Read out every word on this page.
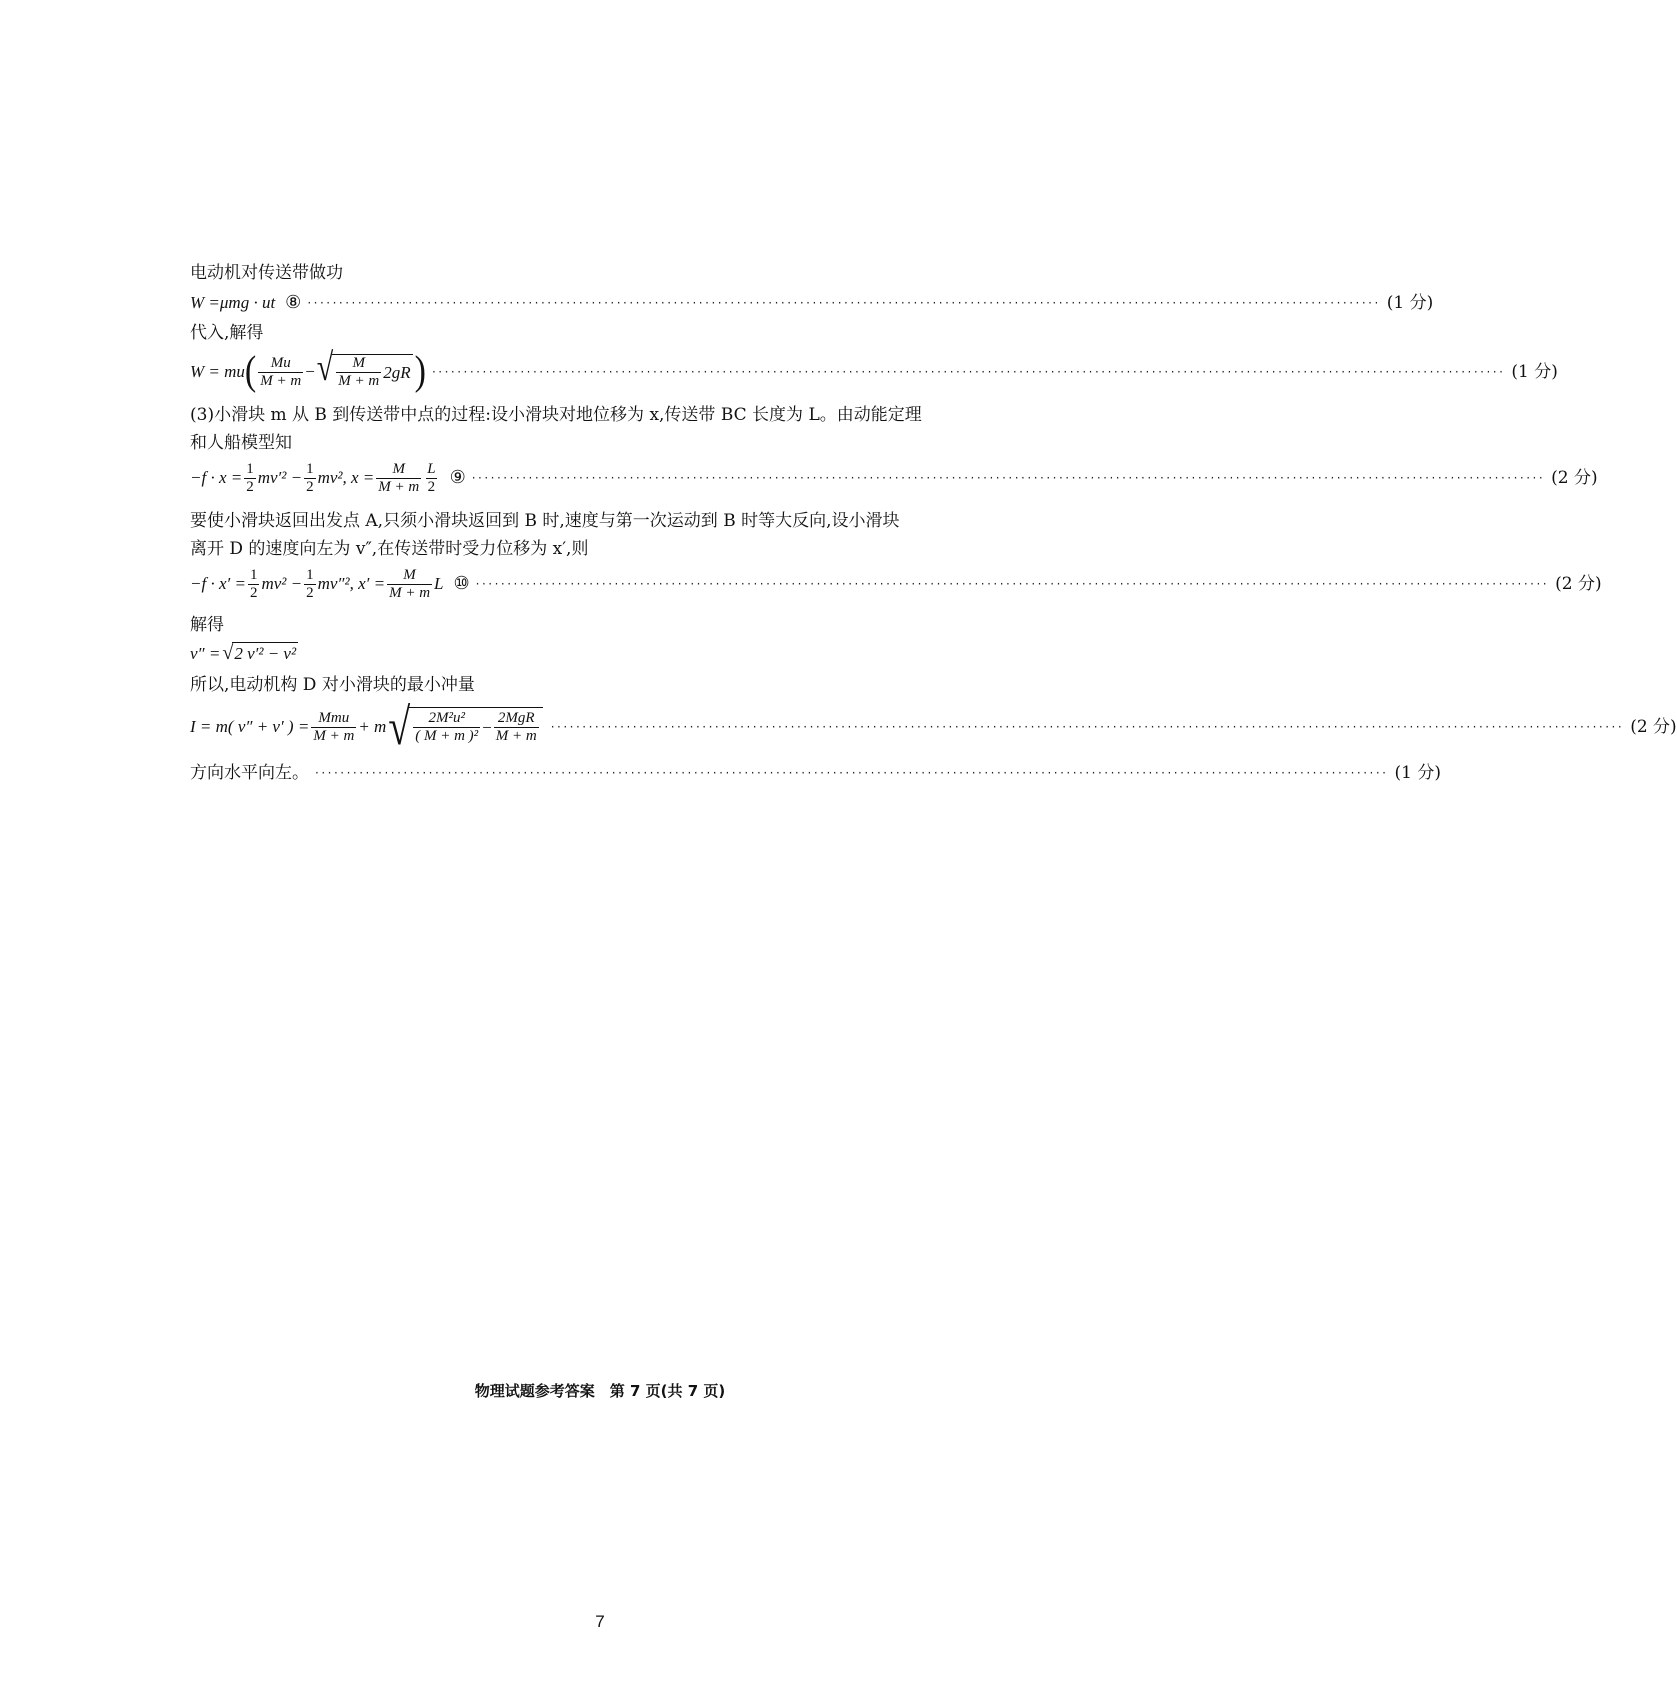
电动机对传送带做功
W =μmg · ut ⑧ ·········································································································································································· (1 分)
代入,解得
W = mu ( $\frac{Mu}{M + m}$ − √ $\frac{M}{M + m} 2gR$ ) ·········································································································································································· (1 分)
(3)小滑块 m 从 B 到传送带中点的过程:设小滑块对地位移为 x,传送带 BC 长度为 L。由动能定理
和人船模型知
$-f \cdot x = \frac{1}{2} mv'^2 - \frac{1}{2} mv^2$, $x = \frac{M}{M + m} \frac{L}{2}$ ⑨ ·········································································································································································· (2 分)
要使小滑块返回出发点 A,只须小滑块返回到 B 时,速度与第一次运动到 B 时等大反向,设小滑块
离开 D 的速度向左为 v″,在传送带时受力位移为 x′,则
$-f \cdot x' = \frac{1}{2} mv^2 - \frac{1}{2} mv''^2$, $x' = \frac{M}{M + m}$ L ⑩ ·········································································································································································· (2 分)
解得
v″ = √ 2 v′² − v²
所以,电动机构 D 对小滑块的最小冲量
I = m( v″ + v′ ) = $\frac{\text{Mmu}}{M + m} + m$ √ $\frac{\text{2M²u²}}{\text{( M + m )²}} - \frac{\text{2MgR}}{M + m}$ ·········································································································································································· (2 分)
方向水平向左。 ·········································································································································································· (1 分)
物理试题参考答案　第 7 页(共 7 页)
7
